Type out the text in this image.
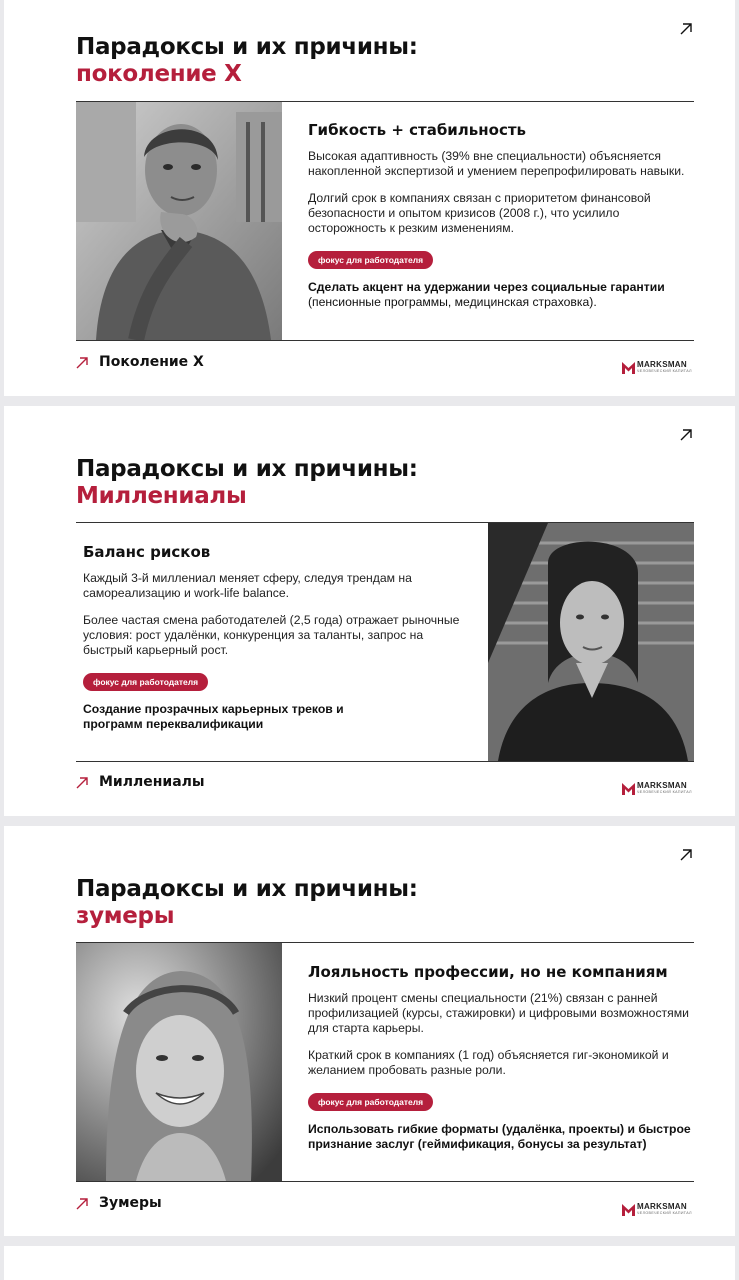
Парадоксы и их причины:
поколение X
Гибкость + стабильность

Высокая адаптивность (39% вне специальности) объясняется накопленной экспертизой и умением перепрофилировать навыки.

Долгий срок в компаниях связан с приоритетом финансовой безопасности и опытом кризисов (2008 г.), что усилило осторожность к резким изменениям.

фокус для работодателя

Сделать акцент на удержании через социальные гарантии
(пенсионные программы, медицинская страховка).

Поколение X	MARKSMAN
ЧЕЛОВЕЧЕСКИЙ КАПИТАЛ
Парадоксы и их причины:
Миллениалы
Баланс рисков

Каждый 3-й миллениал меняет сферу, следуя трендам на самореализацию и work-life balance.

Более частая смена работодателей (2,5 года) отражает рыночные условия: рост удалёнки, конкуренция за таланты, запрос на быстрый карьерный рост.

фокус для работодателя

Создание прозрачных карьерных треков и программ переквалификации

Миллениалы	MARKSMAN
ЧЕЛОВЕЧЕСКИЙ КАПИТАЛ
Парадоксы и их причины:
зумеры
Лояльность профессии, но не компаниям

Низкий процент смены специальности (21%) связан с ранней профилизацией (курсы, стажировки) и цифровыми возможностями для старта карьеры.

Краткий срок в компаниях (1 год) объясняется гиг-экономикой и желанием пробовать разные роли.

фокус для работодателя

Использовать гибкие форматы (удалёнка, проекты) и быстрое признание заслуг (геймификация, бонусы за результат)

Зумеры	MARKSMAN
ЧЕЛОВЕЧЕСКИЙ КАПИТАЛ
